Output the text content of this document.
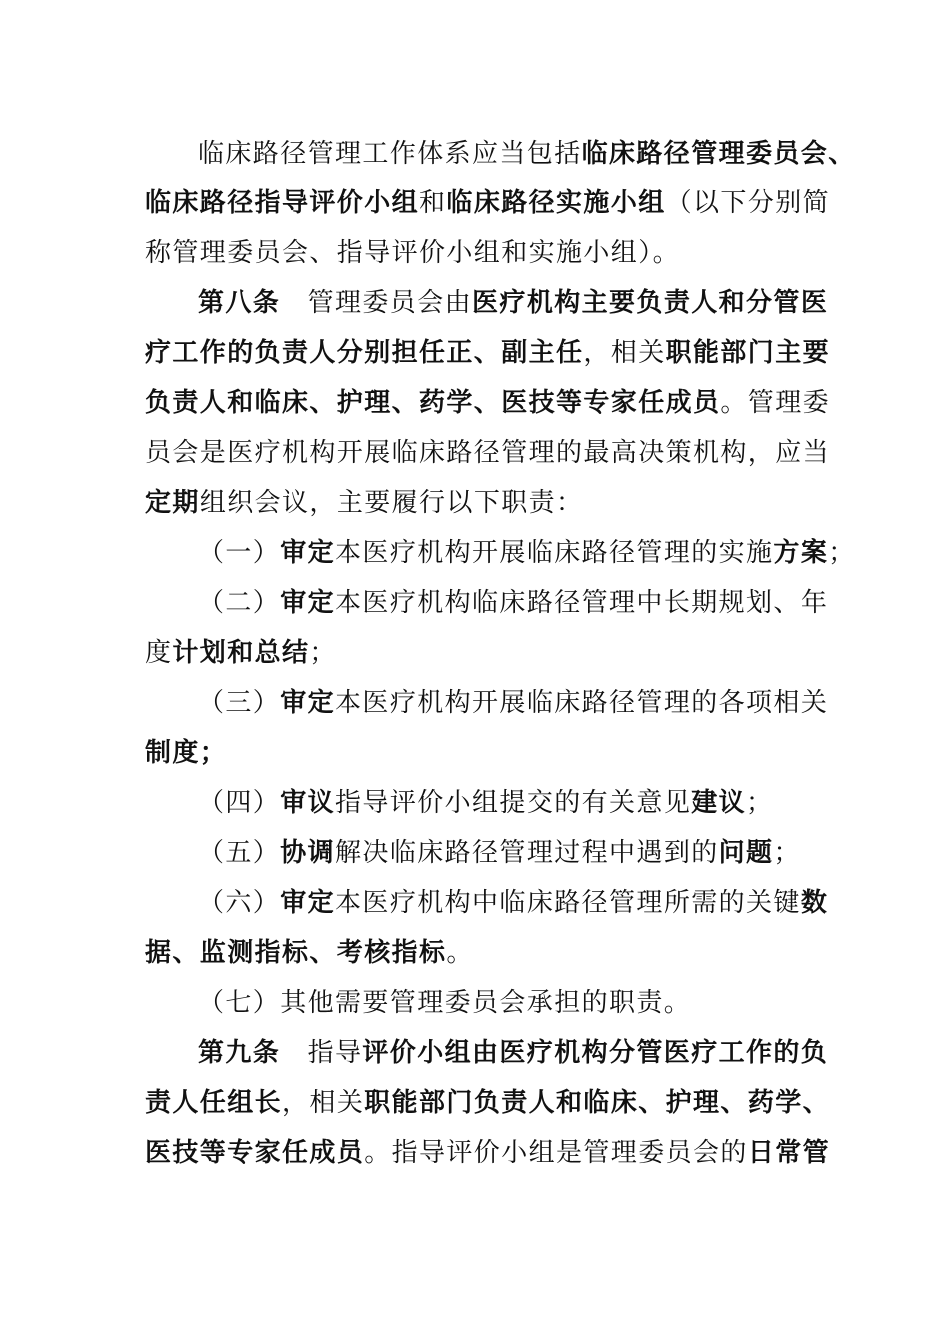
临床路径管理工作体系应当包括临床路径管理委员会、
临床路径指导评价小组和临床路径实施小组（以下分别简
称管理委员会、指导评价小组和实施小组）。
第八条　管理委员会由医疗机构主要负责人和分管医
疗工作的负责人分别担任正、副主任，相关职能部门主要
负责人和临床、护理、药学、医技等专家任成员。管理委
员会是医疗机构开展临床路径管理的最高决策机构，应当
定期组织会议，主要履行以下职责：
（一）审定本医疗机构开展临床路径管理的实施方案；
（二）审定本医疗机构临床路径管理中长期规划、年
度计划和总结；
（三）审定本医疗机构开展临床路径管理的各项相关
制度；
（四）审议指导评价小组提交的有关意见建议；
（五）协调解决临床路径管理过程中遇到的问题；
（六）审定本医疗机构中临床路径管理所需的关键数
据、监测指标、考核指标。
（七）其他需要管理委员会承担的职责。
第九条　指导评价小组由医疗机构分管医疗工作的负
责人任组长，相关职能部门负责人和临床、护理、药学、
医技等专家任成员。指导评价小组是管理委员会的日常管
